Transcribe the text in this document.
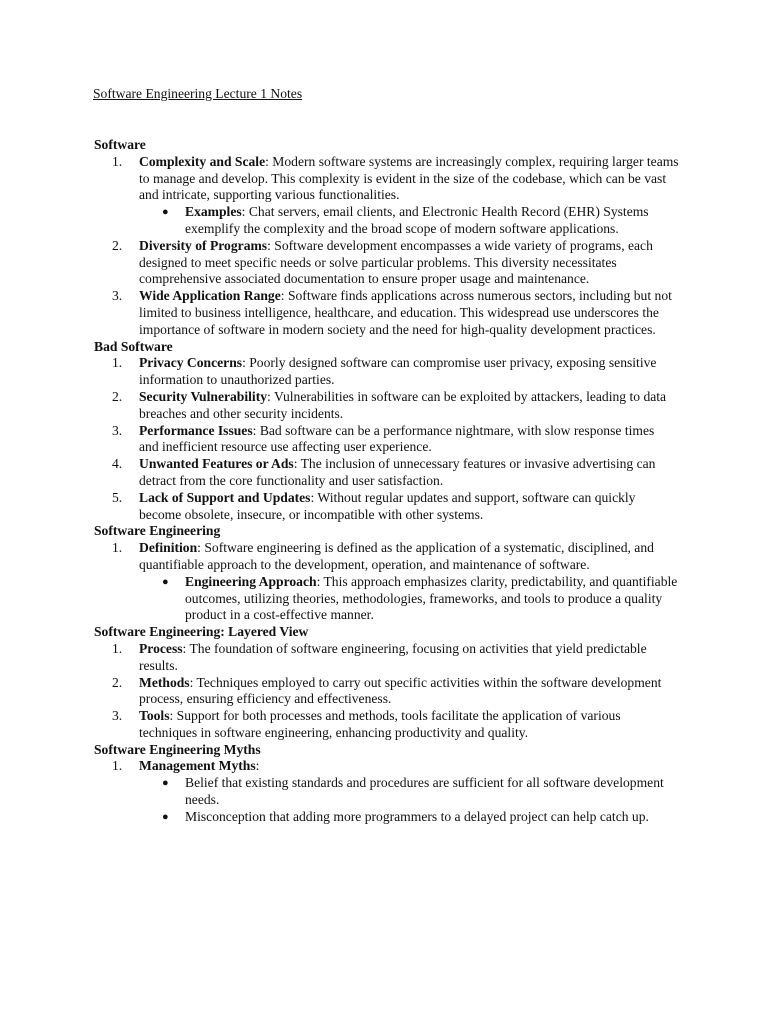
Software Engineering Lecture 1 Notes
Software
1. Complexity and Scale: Modern software systems are increasingly complex, requiring larger teams to manage and develop. This complexity is evident in the size of the codebase, which can be vast and intricate, supporting various functionalities.
● Examples: Chat servers, email clients, and Electronic Health Record (EHR) Systems exemplify the complexity and the broad scope of modern software applications.
2. Diversity of Programs: Software development encompasses a wide variety of programs, each designed to meet specific needs or solve particular problems. This diversity necessitates comprehensive associated documentation to ensure proper usage and maintenance.
3. Wide Application Range: Software finds applications across numerous sectors, including but not limited to business intelligence, healthcare, and education. This widespread use underscores the importance of software in modern society and the need for high-quality development practices.
Bad Software
1. Privacy Concerns: Poorly designed software can compromise user privacy, exposing sensitive information to unauthorized parties.
2. Security Vulnerability: Vulnerabilities in software can be exploited by attackers, leading to data breaches and other security incidents.
3. Performance Issues: Bad software can be a performance nightmare, with slow response times and inefficient resource use affecting user experience.
4. Unwanted Features or Ads: The inclusion of unnecessary features or invasive advertising can detract from the core functionality and user satisfaction.
5. Lack of Support and Updates: Without regular updates and support, software can quickly become obsolete, insecure, or incompatible with other systems.
Software Engineering
1. Definition: Software engineering is defined as the application of a systematic, disciplined, and quantifiable approach to the development, operation, and maintenance of software.
● Engineering Approach: This approach emphasizes clarity, predictability, and quantifiable outcomes, utilizing theories, methodologies, frameworks, and tools to produce a quality product in a cost-effective manner.
Software Engineering: Layered View
1. Process: The foundation of software engineering, focusing on activities that yield predictable results.
2. Methods: Techniques employed to carry out specific activities within the software development process, ensuring efficiency and effectiveness.
3. Tools: Support for both processes and methods, tools facilitate the application of various techniques in software engineering, enhancing productivity and quality.
Software Engineering Myths
1. Management Myths:
● Belief that existing standards and procedures are sufficient for all software development needs.
● Misconception that adding more programmers to a delayed project can help catch up.
